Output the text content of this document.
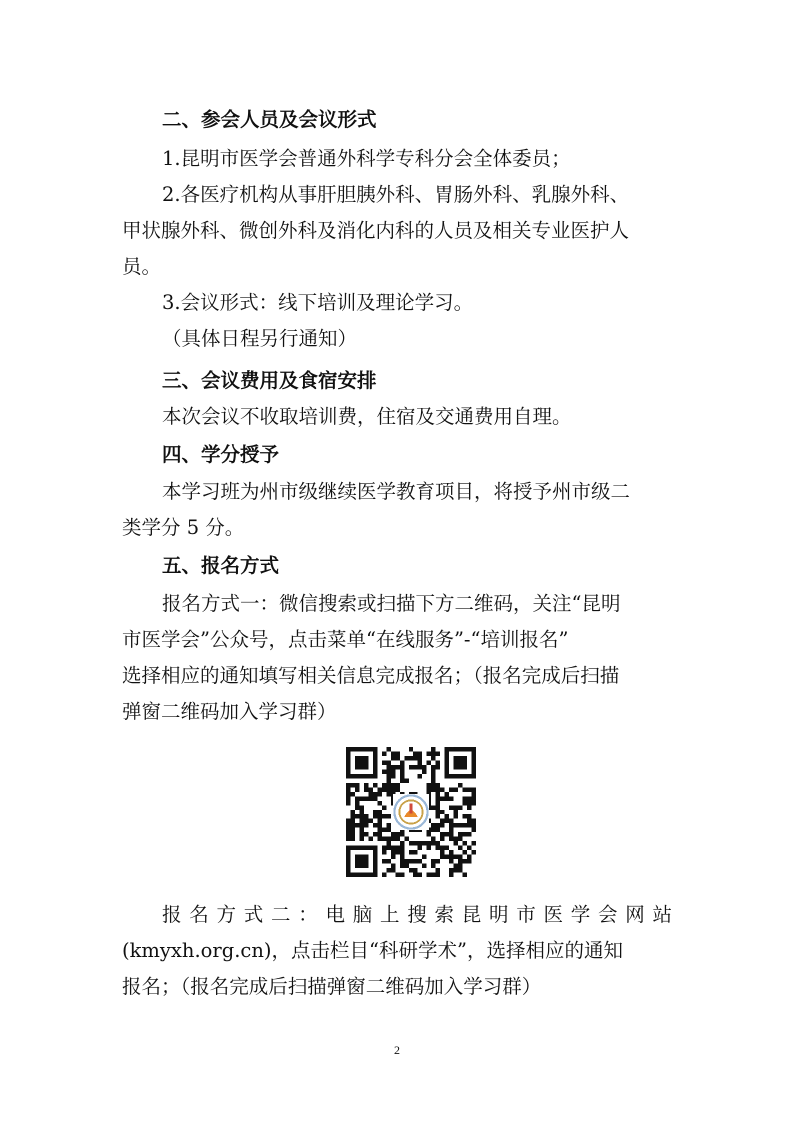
二、参会人员及会议形式

1.昆明市医学会普通外科学专科分会全体委员；

2.各医疗机构从事肝胆胰外科、胃肠外科、乳腺外科、

甲状腺外科、微创外科及消化内科的人员及相关专业医护人

员。

3.会议形式：线下培训及理论学习。

（具体日程另行通知）

三、会议费用及食宿安排

本次会议不收取培训费，住宿及交通费用自理。

四、学分授予

本学习班为州市级继续医学教育项目，将授予州市级二

类学分 5 分。

五、报名方式

报名方式一：微信搜索或扫描下方二维码，关注“昆明

市医学会”公众号，点击菜单“在线服务”-“培训报名”

选择相应的通知填写相关信息完成报名；（报名完成后扫描

弹窗二维码加入学习群）

报名方式二：电脑上搜索昆明市医学会网站

(kmyxh.org.cn)，点击栏目“科研学术”，选择相应的通知

报名；（报名完成后扫描弹窗二维码加入学习群）

2
